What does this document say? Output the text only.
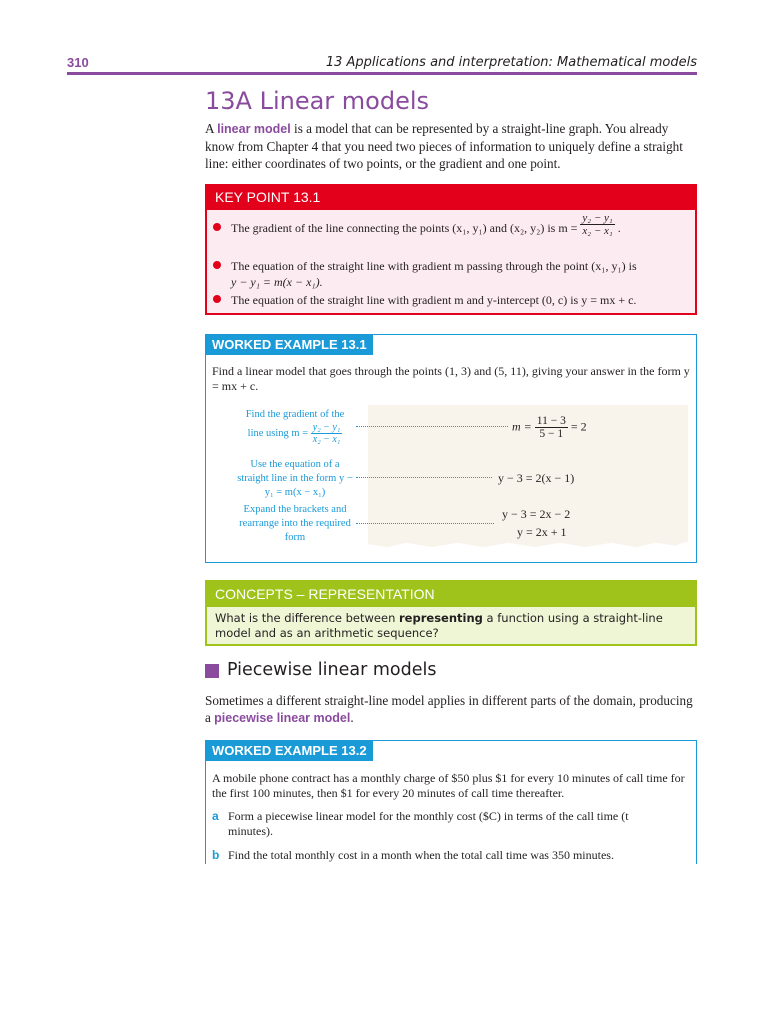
310	13 Applications and interpretation: Mathematical models
13A Linear models

A linear model is a model that can be represented by a straight-line graph. You already know from Chapter 4 that you need two pieces of information to uniquely define a straight line: either coordinates of two points, or the gradient and one point.

KEY POINT 13.1
The gradient of the line connecting the points (x₁, y₁) and (x₂, y₂) is $m = \frac{\text{y₂ − y₁}}{\text{x₂ − x₁}}$ .
The equation of the straight line with gradient m passing through the point (x₁, y₁) is
y − y₁ = m(x − x₁).
The equation of the straight line with gradient m and y-intercept (0, c) is y = mx + c.
WORKED EXAMPLE 13.1

Find a linear model that goes through the points (1, 3) and (5, 11), giving your answer in the form y = mx + c.

Find the gradient of the
line using $m = \frac{\text{y₂ − y₁}}{\text{x₂ − x₁}}$	$m = \frac{11 - 3}{5 - 1} = 2$
Use the equation of a straight line in the form y − y₁ = m(x − x₁)
y − 3 = 2(x − 1)
Expand the brackets and rearrange into the required form
y − 3 = 2x − 2
y = 2x + 1
CONCEPTS – REPRESENTATION

What is the difference between representing a function using a straight-line model and as an arithmetic sequence?

Piecewise linear models

Sometimes a different straight-line model applies in different parts of the domain, producing a piecewise linear model.

WORKED EXAMPLE 13.2

A mobile phone contract has a monthly charge of $50 plus $1 for every 10 minutes of call time for the first 100 minutes, then $1 for every 20 minutes of call time thereafter.

a Form a piecewise linear model for the monthly cost ($C) in terms of the call time (t minutes).

b Find the total monthly cost in a month when the total call time was 350 minutes.
